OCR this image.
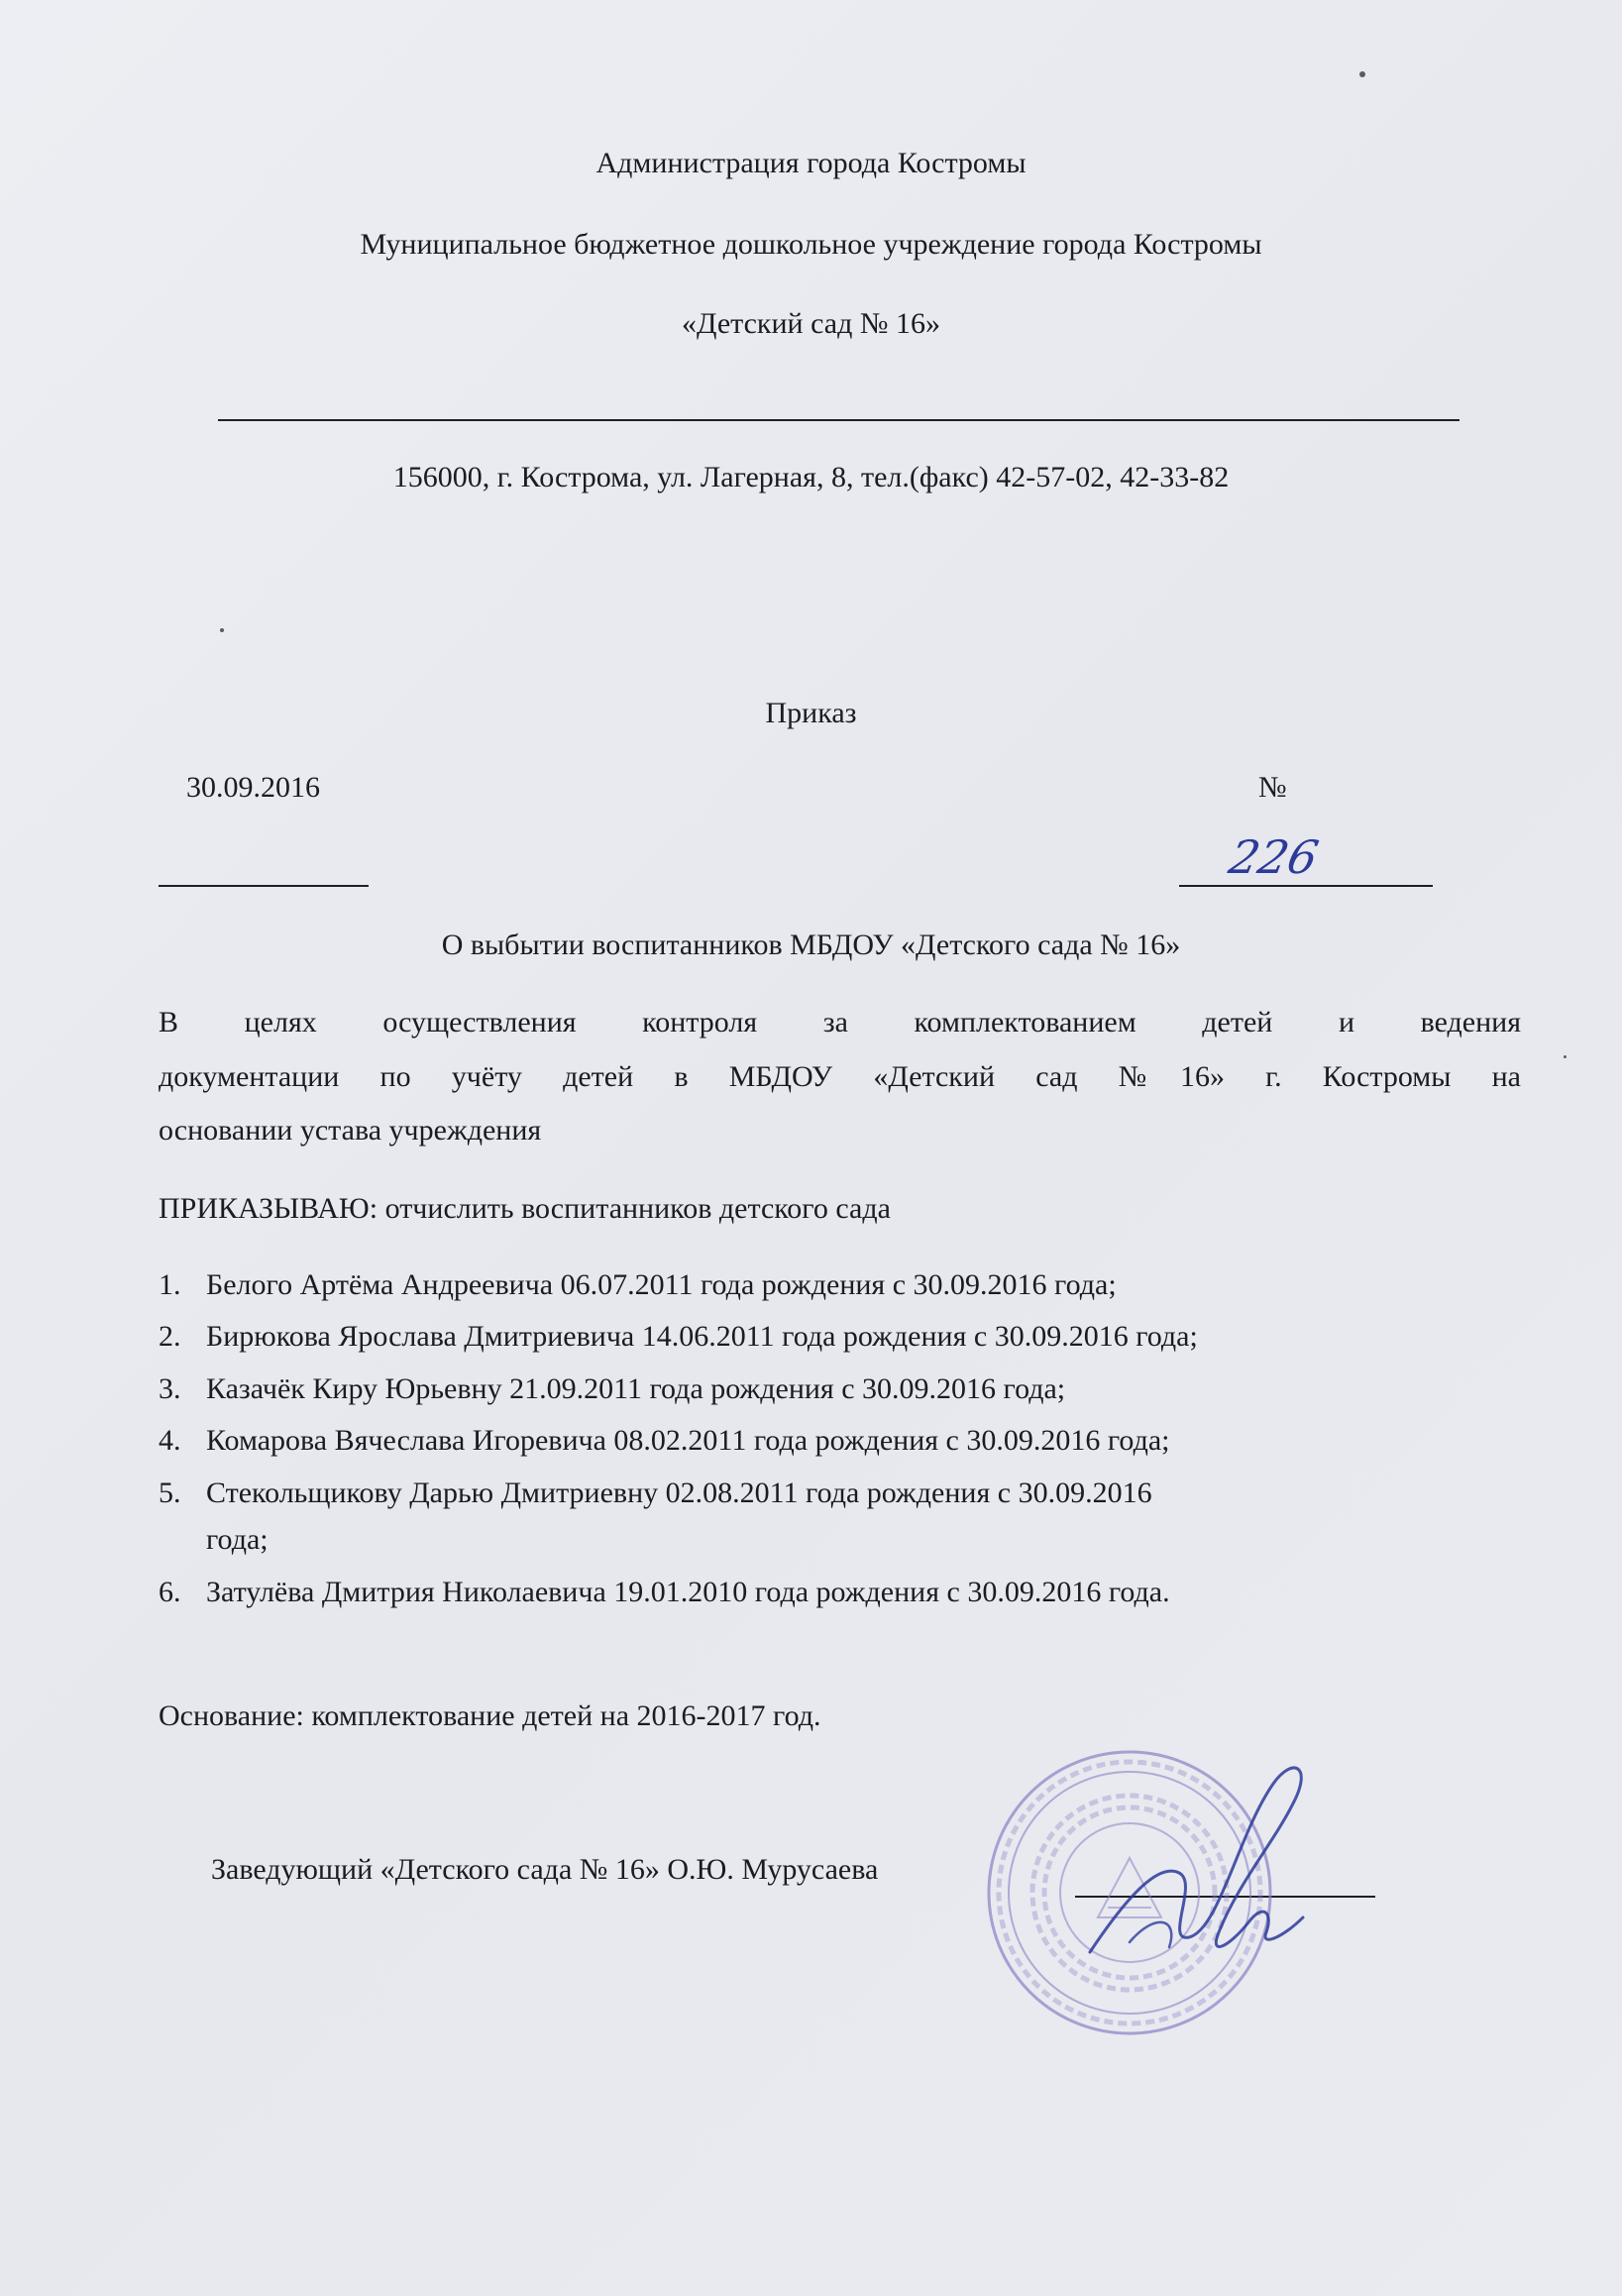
Администрация города Костромы
Муниципальное бюджетное дошкольное учреждение города Костромы
«Детский сад № 16»
156000, г. Кострома, ул. Лагерная, 8, тел.(факс) 42-57-02, 42-33-82
Приказ
30.09.2016	№
226
О выбытии воспитанников МБДОУ «Детского сада № 16»
В целях осуществления контроля за комплектованием детей и ведения
документации по учёту детей в МБДОУ «Детский сад №16» г. Костромы на
основании устава учреждения
ПРИКАЗЫВАЮ: отчислить воспитанников детского сада
1. Белого Артёма Андреевича 06.07.2011 года рождения с 30.09.2016 года;
2. Бирюкова Ярослава Дмитриевича 14.06.2011 года рождения с 30.09.2016 года;
3. Казачёк Киру Юрьевну 21.09.2011 года рождения с 30.09.2016 года;
4. Комарова Вячеслава Игоревича 08.02.2011 года рождения с 30.09.2016 года;
5. Стекольщикову Дарью Дмитриевну 02.08.2011 года рождения с 30.09.2016
года;
6. Затулёва Дмитрия Николаевича 19.01.2010 года рождения с 30.09.2016 года.
Основание: комплектование детей на 2016-2017 год.
Заведующий «Детского сада № 16» О.Ю. Мурусаева
